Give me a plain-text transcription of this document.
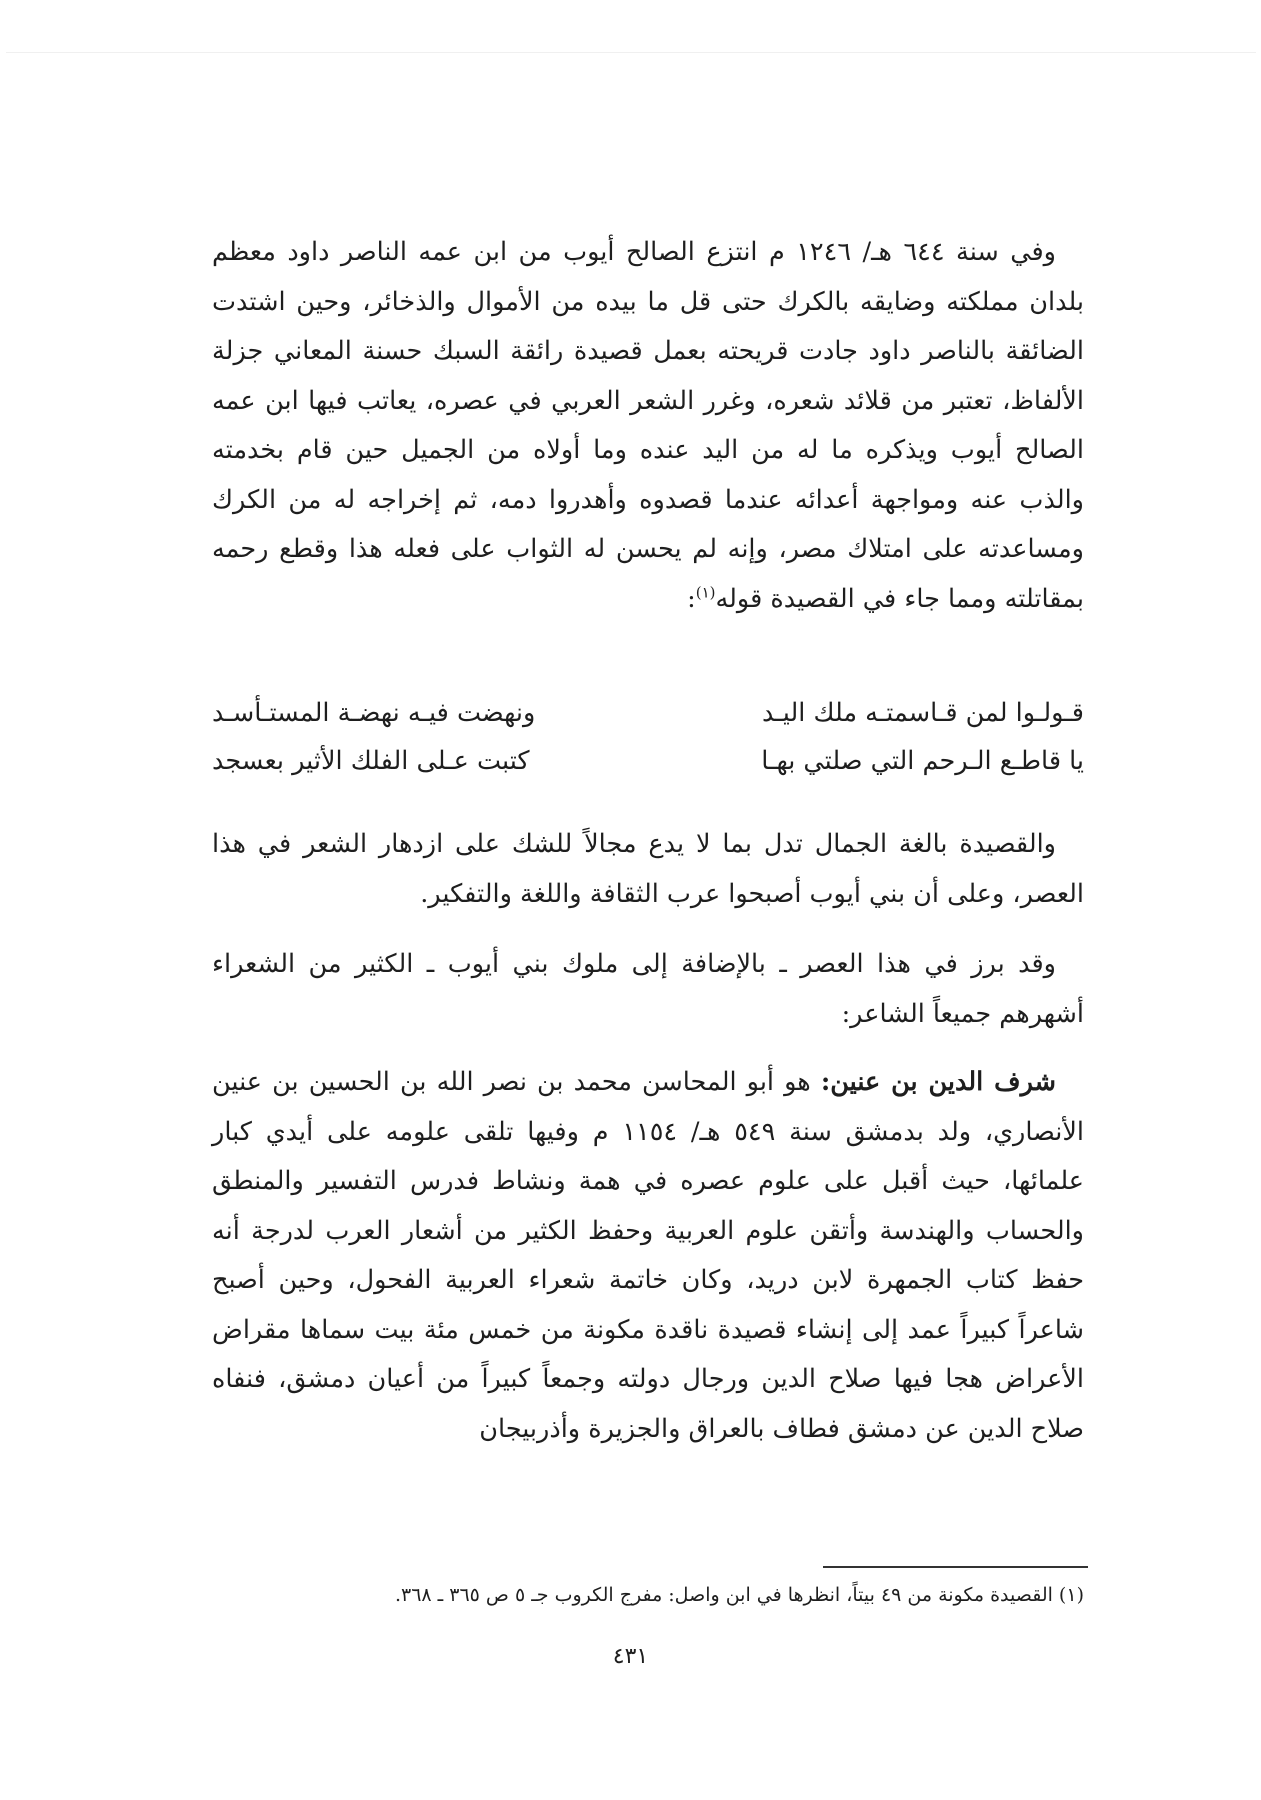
وفي سنة ٦٤٤ هـ/ ١٢٤٦ م انتزع الصالح أيوب من ابن عمه الناصر داود معظم بلدان مملكته وضايقه بالكرك حتى قل ما بيده من الأموال والذخائر، وحين اشتدت الضائقة بالناصر داود جادت قريحته بعمل قصيدة رائقة السبك حسنة المعاني جزلة الألفاظ، تعتبر من قلائد شعره، وغرر الشعر العربي في عصره، يعاتب فيها ابن عمه الصالح أيوب ويذكره ما له من اليد عنده وما أولاه من الجميل حين قام بخدمته والذب عنه ومواجهة أعدائه عندما قصدوه وأهدروا دمه، ثم إخراجه له من الكرك ومساعدته على امتلاك مصر، وإنه لم يحسن له الثواب على فعله هذا وقطع رحمه بمقاتلته ومما جاء في القصيدة قوله$^{(١)}$:

قـولـوا لمن قـاسمتـه ملك اليـد
ونهضت فيـه نهضـة المستـأسـد
يا قاطـع الـرحم التي صلتي بهـا
كتبت عـلى الفلك الأثير بعسجد

والقصيدة بالغة الجمال تدل بما لا يدع مجالاً للشك على ازدهار الشعر في هذا العصر، وعلى أن بني أيوب أصبحوا عرب الثقافة واللغة والتفكير.

وقد برز في هذا العصر ـ بالإضافة إلى ملوك بني أيوب ـ الكثير من الشعراء أشهرهم جميعاً الشاعر:

شرف الدين بن عنين: هو أبو المحاسن محمد بن نصر الله بن الحسين بن عنين الأنصاري، ولد بدمشق سنة ٥٤٩ هـ/ ١١٥٤ م وفيها تلقى علومه على أيدي كبار علمائها، حيث أقبل على علوم عصره في همة ونشاط فدرس التفسير والمنطق والحساب والهندسة وأتقن علوم العربية وحفظ الكثير من أشعار العرب لدرجة أنه حفظ كتاب الجمهرة لابن دريد، وكان خاتمة شعراء العربية الفحول، وحين أصبح شاعراً كبيراً عمد إلى إنشاء قصيدة ناقدة مكونة من خمس مئة بيت سماها مقراض الأعراض هجا فيها صلاح الدين ورجال دولته وجمعاً كبيراً من أعيان دمشق، فنفاه صلاح الدين عن دمشق فطاف بالعراق والجزيرة وأذربيجان

(١) القصيدة مكونة من ٤٩ بيتاً، انظرها في ابن واصل: مفرج الكروب جـ ٥ ص ٣٦٥ ـ ٣٦٨.
٤٣١
